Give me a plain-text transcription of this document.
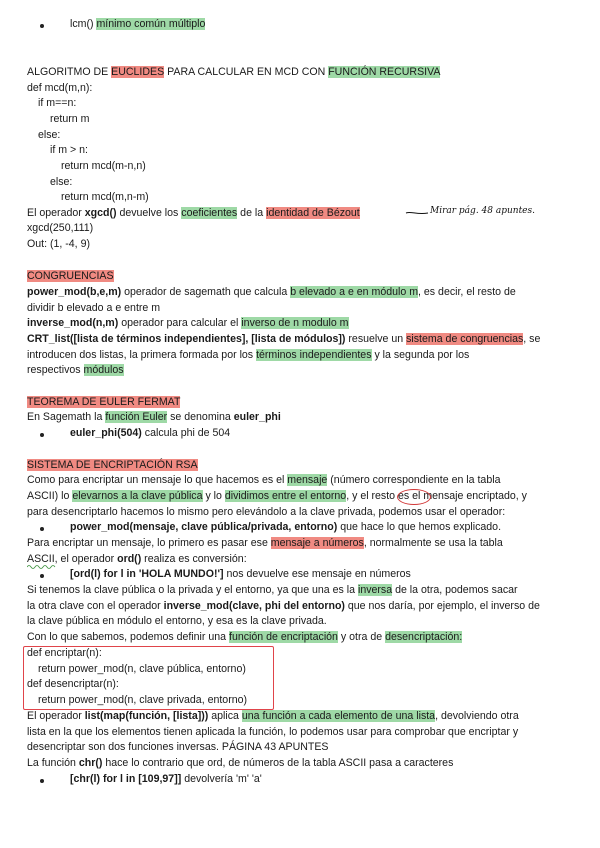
lcm() mínimo común múltiplo
ALGORITMO DE EUCLIDES PARA CALCULAR EN MCD CON FUNCIÓN RECURSIVA
def mcd(m,n):
if m==n:
return m
else:
if m > n:
return mcd(m-n,n)
else:
return mcd(m,n-m)
El operador xgcd() devuelve los coeficientes de la identidad de Bézout	Mirar pág. 48 apuntes.
xgcd(250,111)
Out: (1, -4, 9)
CONGRUENCIAS
power_mod(b,e,m) operador de sagemath que calcula b elevado a e en módulo m, es decir, el resto de
dividir b elevado a e entre m
inverse_mod(n,m) operador para calcular el inverso de n modulo m
CRT_list([lista de términos independientes], [lista de módulos]) resuelve un sistema de congruencias, se
introducen dos listas, la primera formada por los términos independientes y la segunda por los
respectivos módulos
TEOREMA DE EULER FERMAT
En Sagemath la función Euler se denomina euler_phi
euler_phi(504) calcula phi de 504
SISTEMA DE ENCRIPTACIÓN RSA
Como para encriptar un mensaje lo que hacemos es el mensaje (número correspondiente en la tabla
ASCII) lo elevarnos a la clave pública y lo dividimos entre el entorno, y el resto es el mensaje encriptado, y
para desencriptarlo hacemos lo mismo pero elevándolo a la clave privada, podemos usar el operador:
power_mod(mensaje, clave pública/privada, entorno) que hace lo que hemos explicado.
Para encriptar un mensaje, lo primero es pasar ese mensaje a números, normalmente se usa la tabla
ASCII, el operador ord() realiza es conversión:
[ord(l) for l in 'HOLA MUNDO!'] nos devuelve ese mensaje en números
Si tenemos la clave pública o la privada y el entorno, ya que una es la inversa de la otra, podemos sacar
la otra clave con el operador inverse_mod(clave, phi del entorno) que nos daría, por ejemplo, el inverso de
la clave pública en módulo el entorno, y esa es la clave privada.
Con lo que sabemos, podemos definir una función de encriptación y otra de desencriptación:
def encriptar(n):
return power_mod(n, clave pública, entorno)
def desencriptar(n):
return power_mod(n, clave privada, entorno)
El operador list(map(función, [lista])) aplica una función a cada elemento de una lista, devolviendo otra
lista en la que los elementos tienen aplicada la función, lo podemos usar para comprobar que encriptar y
desencriptar son dos funciones inversas. PÁGINA 43 APUNTES
La función chr() hace lo contrario que ord, de números de la tabla ASCII pasa a caracteres
[chr(l) for l in [109,97]] devolvería 'm' 'a'
